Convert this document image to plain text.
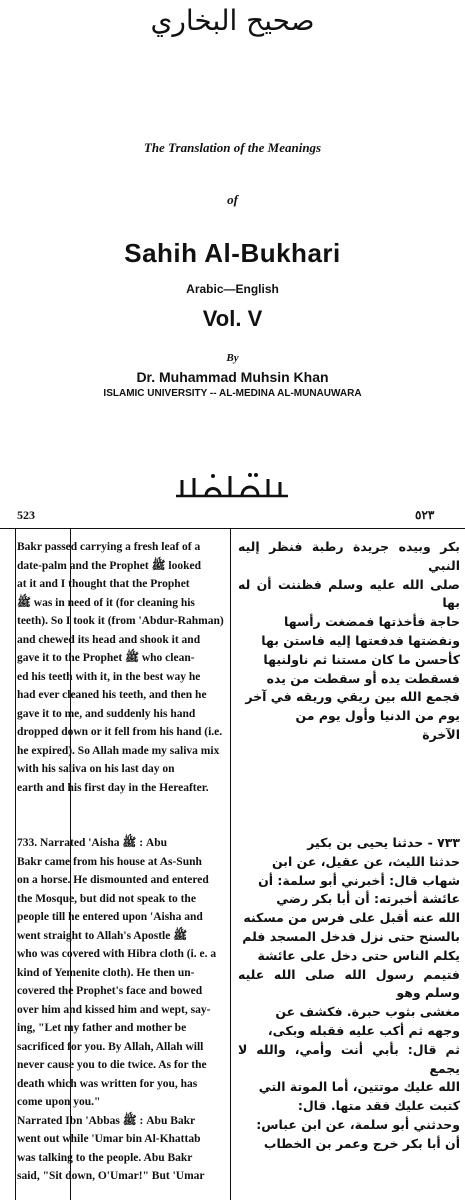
صحيح البخاري
The Translation of the Meanings
of
Sahih Al-Bukhari
Arabic—English
Vol. V
By
Dr. Muhammad Muhsin Khan
ISLAMIC UNIVERSITY -- AL-MEDINA AL-MUNAUWARA
523	٥٢٣
Bakr passed carrying a fresh leaf of a
date-palm and the Prophet ﷺ looked
at it and I thought that the Prophet
ﷺ was in need of it (for cleaning his
teeth). So I took it (from 'Abdur-Rahman)
and chewed its head and shook it and
gave it to the Prophet ﷺ who clean-
ed his teeth with it, in the best way he
had ever cleaned his teeth, and then he
gave it to me, and suddenly his hand
dropped down or it fell from his hand (i.e.
he expired). So Allah made my saliva mix
with his saliva on his last day on
earth and his first day in the Hereafter.
بكر وبيده جريدة رطبة فنظر إليه النبي
صلى الله عليه وسلم فظننت أن له بها
حاجة فأخذتها فمضغت رأسها
ونفضتها فدفعتها إليه فاستن بها
كأحسن ما كان مستنا ثم ناولنيها
فسقطت يده أو سقطت من يده
فجمع الله بين ريقي وريقه في آخر
يوم من الدنيا وأول يوم من
الآخرة
733. Narrated 'Aisha ﷺ : Abu
Bakr came from his house at As-Sunh
on a horse. He dismounted and entered
the Mosque, but did not speak to the
people till he entered upon 'Aisha and
went straight to Allah's Apostle ﷺ
who was covered with Hibra cloth (i. e. a
kind of Yemenite cloth). He then un-
covered the Prophet's face and bowed
over him and kissed him and wept, say-
ing, "Let my father and mother be
sacrificed for you. By Allah, Allah will
never cause you to die twice. As for the
death which was written for you, has
come upon you."
Narrated Ibn 'Abbas ﷺ : Abu Bakr
went out while 'Umar bin Al-Khattab
was talking to the people. Abu Bakr
said, "Sit down, O'Umar!" But 'Umar
٧٣٣ - حدثنا يحيى بن بكير
حدثنا الليث، عن عقيل، عن ابن
شهاب قال: أخبرني أبو سلمة: أن
عائشة أخبرته: أن أبا بكر رضي
الله عنه أقبل على فرس من مسكنه
بالسنح حتى نزل فدخل المسجد فلم
يكلم الناس حتى دخل على عائشة
فتيمم رسول الله صلى الله عليه وسلم وهو
مغشى بثوب حبرة. فكشف عن
وجهه ثم أكب عليه فقبله وبكى،
ثم قال: بأبي أنت وأمي، والله لا يجمع
الله عليك موتتين، أما الموتة التي
كتبت عليك فقد متها. قال:
وحدثني أبو سلمة، عن ابن عباس:
أن أبا بكر خرج وعمر بن الخطاب
